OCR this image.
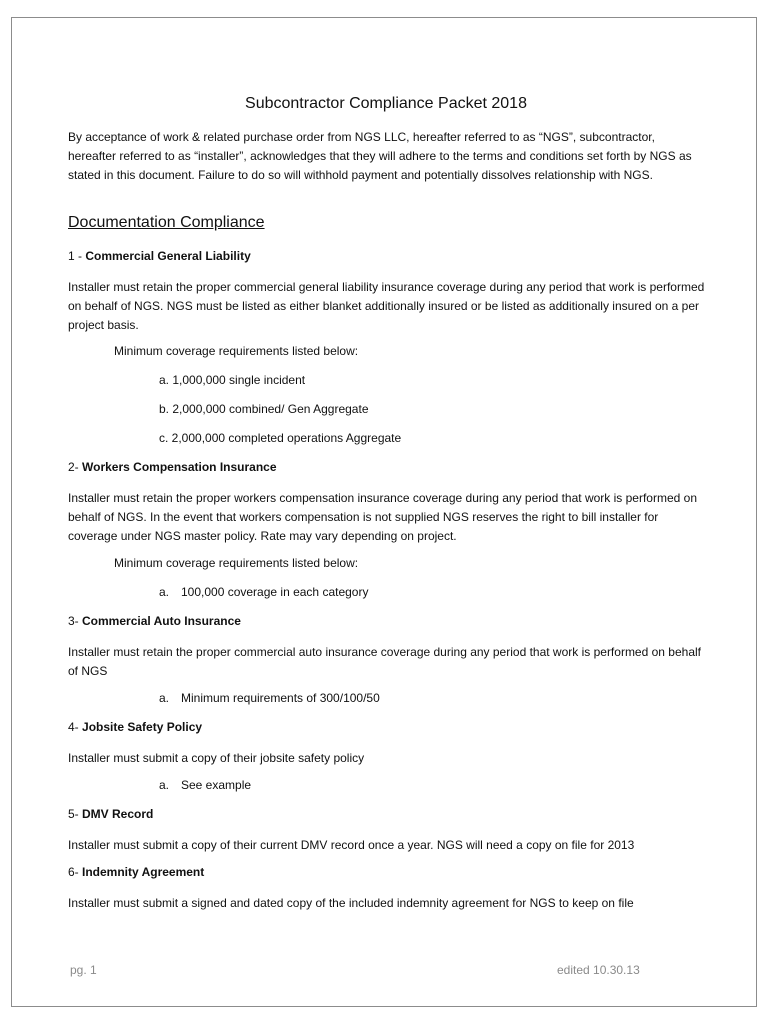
Subcontractor Compliance Packet 2018

By acceptance of work & related purchase order from NGS LLC, hereafter referred to as “NGS”, subcontractor, hereafter referred to as “installer”, acknowledges that they will adhere to the terms and conditions set forth by NGS as stated in this document. Failure to do so will withhold payment and potentially dissolves relationship with NGS.

Documentation Compliance
1 - Commercial General Liability

Installer must retain the proper commercial general liability insurance coverage during any period that work is performed on behalf of NGS. NGS must be listed as either blanket additionally insured or be listed as additionally insured on a per project basis.

Minimum coverage requirements listed below:
a. 1,000,000 single incident
b. 2,000,000 combined/ Gen Aggregate
c. 2,000,000 completed operations Aggregate
2- Workers Compensation Insurance

Installer must retain the proper workers compensation insurance coverage during any period that work is performed on behalf of NGS. In the event that workers compensation is not supplied NGS reserves the right to bill installer for coverage under NGS master policy. Rate may vary depending on project.

Minimum coverage requirements listed below:
a. 100,000 coverage in each category
3- Commercial Auto Insurance

Installer must retain the proper commercial auto insurance coverage during any period that work is performed on behalf of NGS

a. Minimum requirements of 300/100/50
4- Jobsite Safety Policy

Installer must submit a copy of their jobsite safety policy

a. See example
5- DMV Record

Installer must submit a copy of their current DMV record once a year. NGS will need a copy on file for 2013

6- Indemnity Agreement

Installer must submit a signed and dated copy of the included indemnity agreement for NGS to keep on file

pg. 1	edited 10.30.13
